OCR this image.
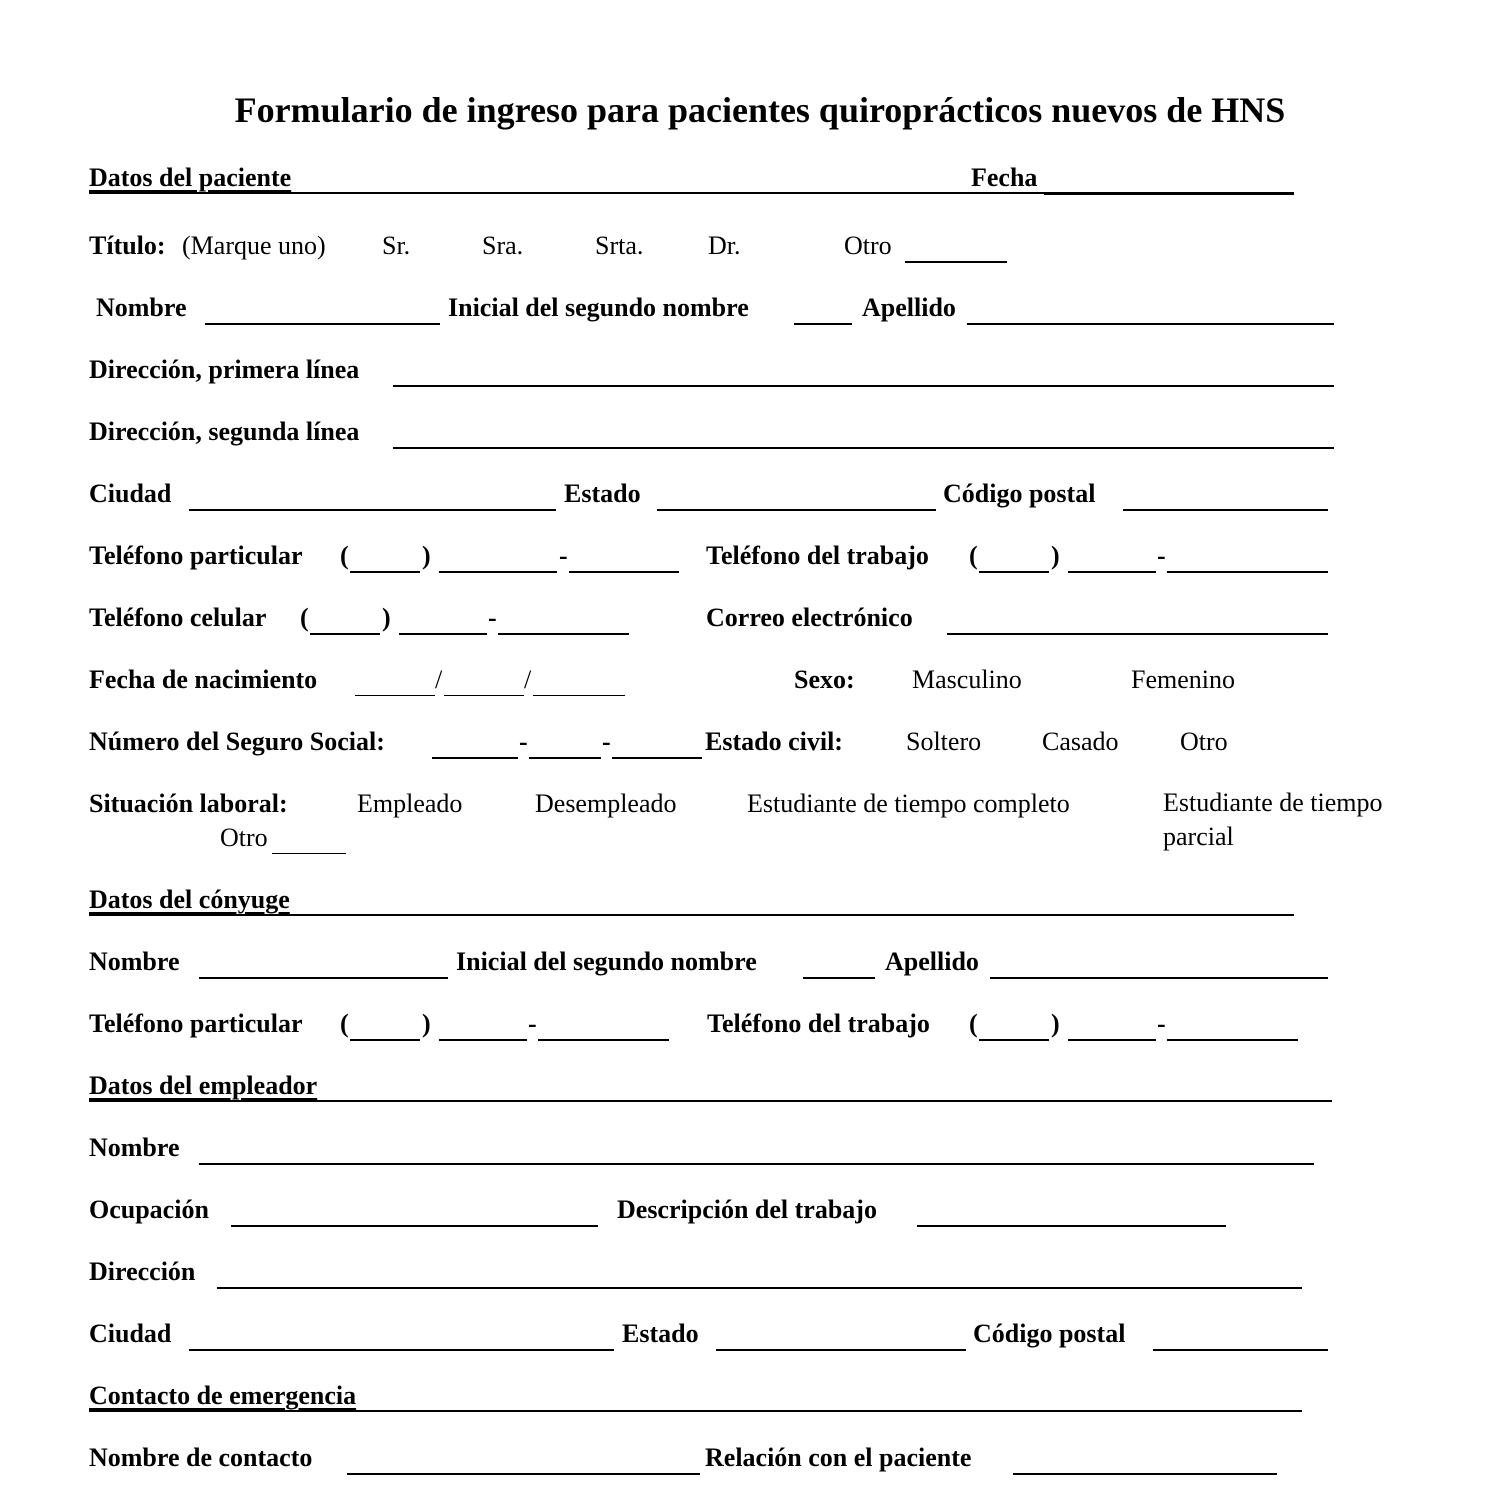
Formulario de ingreso para pacientes quiroprácticos nuevos de HNS
Datos del paciente	Fecha
Título: (Marque uno) Sr.	Sra.	Srta. Dr.	Otro
Nombre	Inicial del segundo nombre	Apellido
Dirección, primera línea
Dirección, segunda línea
Ciudad	Estado	Código postal
Teléfono particular (	)	-	Teléfono del trabajo (	)	-
Teléfono celular (	)	-	Correo electrónico
Fecha de nacimiento	/	/	Sexo: Masculino	Femenino
Número del Seguro Social:	-	-	Estado civil: Soltero Casado Otro
Situación laboral:	Empleado	Desempleado	Estudiante de tiempo completo	Estudiante de tiempo parcial
Otro
Datos del cónyuge
Nombre	Inicial del segundo nombre	Apellido
Teléfono particular (	)	-	Teléfono del trabajo (	)	-
Datos del empleador
Nombre
Ocupación	Descripción del trabajo
Dirección
Ciudad	Estado	Código postal
Contacto de emergencia
Nombre de contacto	Relación con el paciente
